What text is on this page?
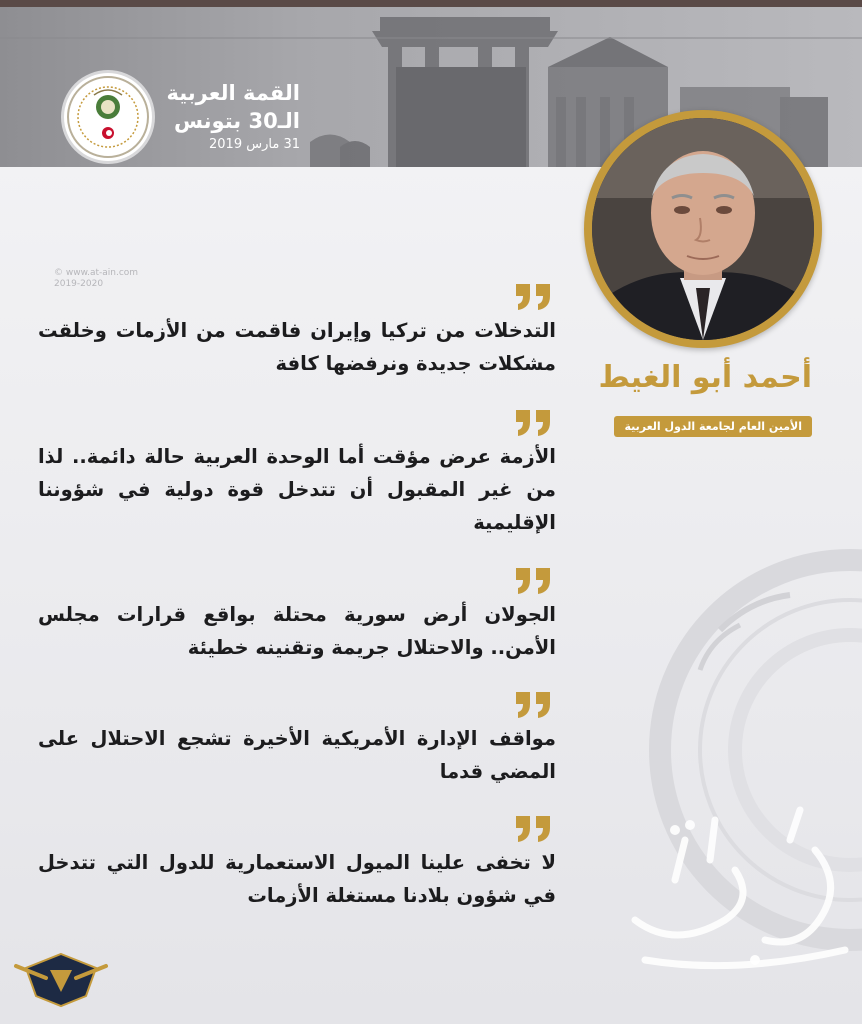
القمة العربية
الـ30 بتونس
31 مارس 2019
أحمد أبو الغيط
الأمين العام لجامعة الدول العربية
© www.at-ain.com
2019-2020

التدخلات من تركيا وإيران فاقمت من الأزمات وخلقت مشكلات جديدة ونرفضها كافة

الأزمة عرض مؤقت أما الوحدة العربية حالة دائمة.. لذا من غير المقبول أن تتدخل قوة دولية في شؤوننا الإقليمية

الجولان أرض سورية محتلة بواقع قرارات مجلس الأمن.. والاحتلال جريمة وتقنينه خطيئة

مواقف الإدارة الأمريكية الأخيرة تشجع الاحتلال على المضي قدما

لا تخفى علينا الميول الاستعمارية للدول التي تتدخل في شؤون بلادنا مستغلة الأزمات
